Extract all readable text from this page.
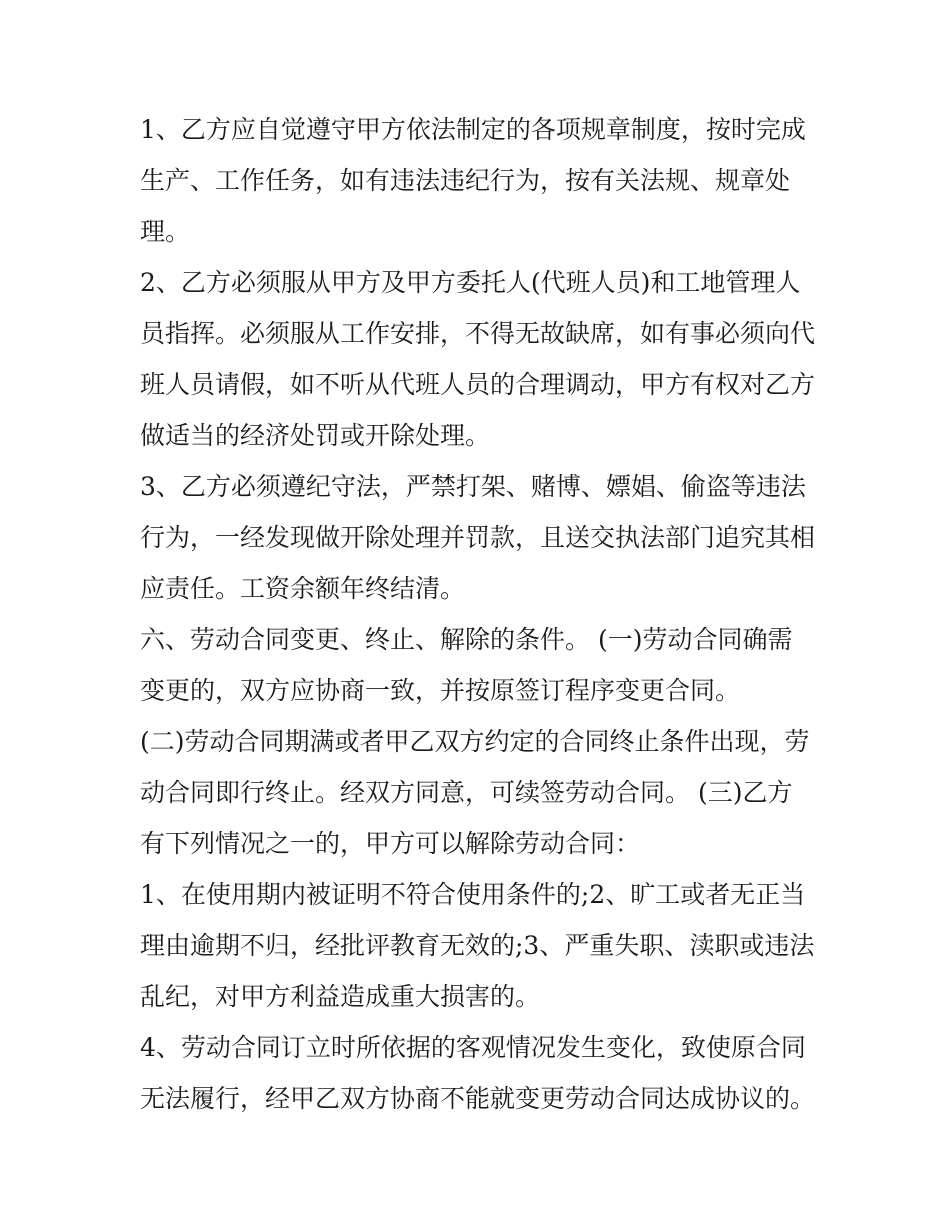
1、乙方应自觉遵守甲方依法制定的各项规章制度，按时完成
生产、工作任务，如有违法违纪行为，按有关法规、规章处
理。
2、乙方必须服从甲方及甲方委托人(代班人员)和工地管理人
员指挥。必须服从工作安排，不得无故缺席，如有事必须向代
班人员请假，如不听从代班人员的合理调动，甲方有权对乙方
做适当的经济处罚或开除处理。
3、乙方必须遵纪守法，严禁打架、赌博、嫖娼、偷盗等违法
行为，一经发现做开除处理并罚款，且送交执法部门追究其相
应责任。工资余额年终结清。
六、劳动合同变更、终止、解除的条件。 (一)劳动合同确需
变更的，双方应协商一致，并按原签订程序变更合同。
(二)劳动合同期满或者甲乙双方约定的合同终止条件出现，劳
动合同即行终止。经双方同意，可续签劳动合同。 (三)乙方
有下列情况之一的，甲方可以解除劳动合同：
1、在使用期内被证明不符合使用条件的;2、旷工或者无正当
理由逾期不归，经批评教育无效的;3、严重失职、渎职或违法
乱纪，对甲方利益造成重大损害的。
4、劳动合同订立时所依据的客观情况发生变化，致使原合同
无法履行，经甲乙双方协商不能就变更劳动合同达成协议的。
